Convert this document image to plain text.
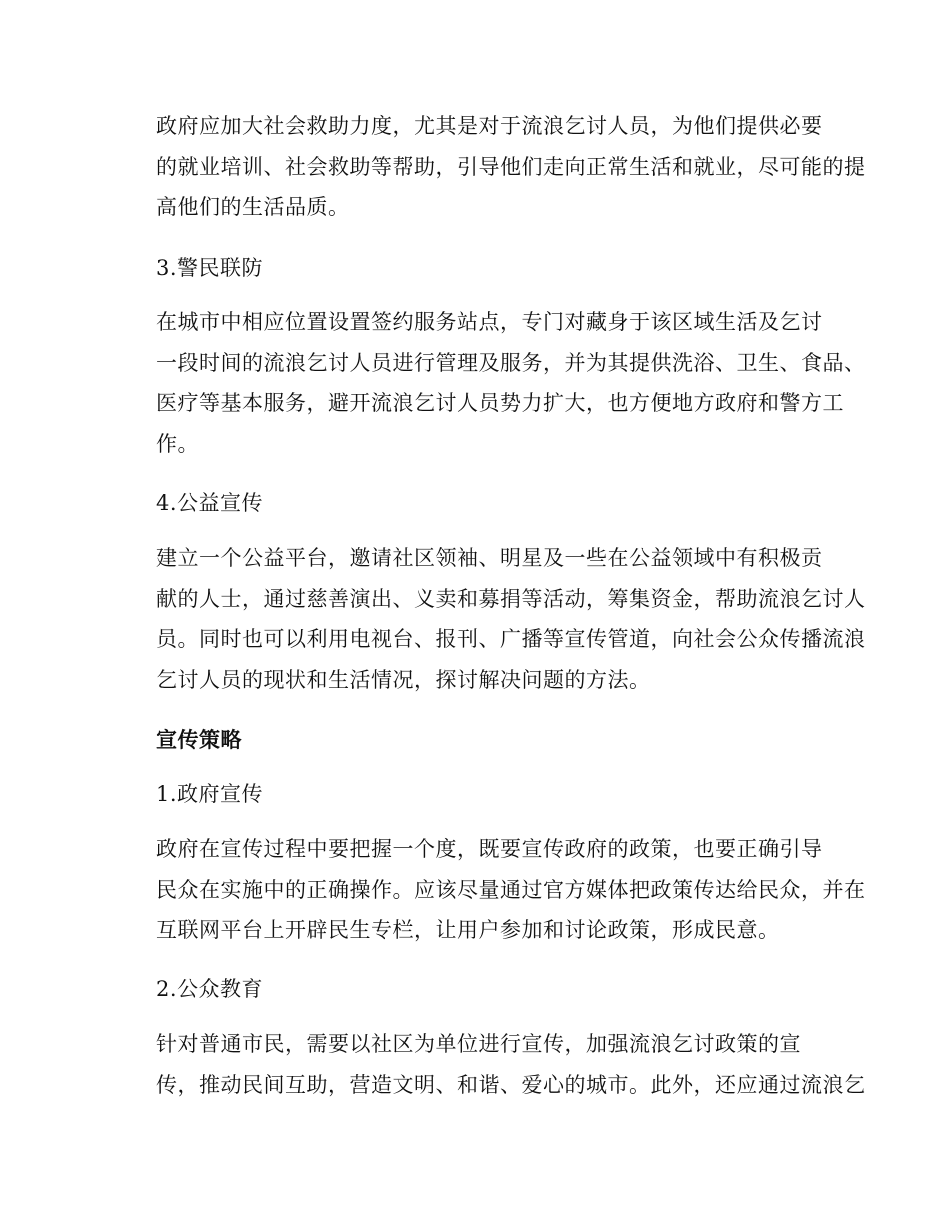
政府应加大社会救助力度，尤其是对于流浪乞讨人员，为他们提供必要
的就业培训、社会救助等帮助，引导他们走向正常生活和就业，尽可能的提
高他们的生活品质。

3.警民联防

在城市中相应位置设置签约服务站点，专门对藏身于该区域生活及乞讨
一段时间的流浪乞讨人员进行管理及服务，并为其提供洗浴、卫生、食品、
医疗等基本服务，避开流浪乞讨人员势力扩大，也方便地方政府和警方工
作。

4.公益宣传

建立一个公益平台，邀请社区领袖、明星及一些在公益领域中有积极贡
献的人士，通过慈善演出、义卖和募捐等活动，筹集资金，帮助流浪乞讨人
员。同时也可以利用电视台、报刊、广播等宣传管道，向社会公众传播流浪
乞讨人员的现状和生活情况，探讨解决问题的方法。

宣传策略

1.政府宣传

政府在宣传过程中要把握一个度，既要宣传政府的政策，也要正确引导
民众在实施中的正确操作。应该尽量通过官方媒体把政策传达给民众，并在
互联网平台上开辟民生专栏，让用户参加和讨论政策，形成民意。

2.公众教育

针对普通市民，需要以社区为单位进行宣传，加强流浪乞讨政策的宣
传，推动民间互助，营造文明、和谐、爱心的城市。此外，还应通过流浪乞
